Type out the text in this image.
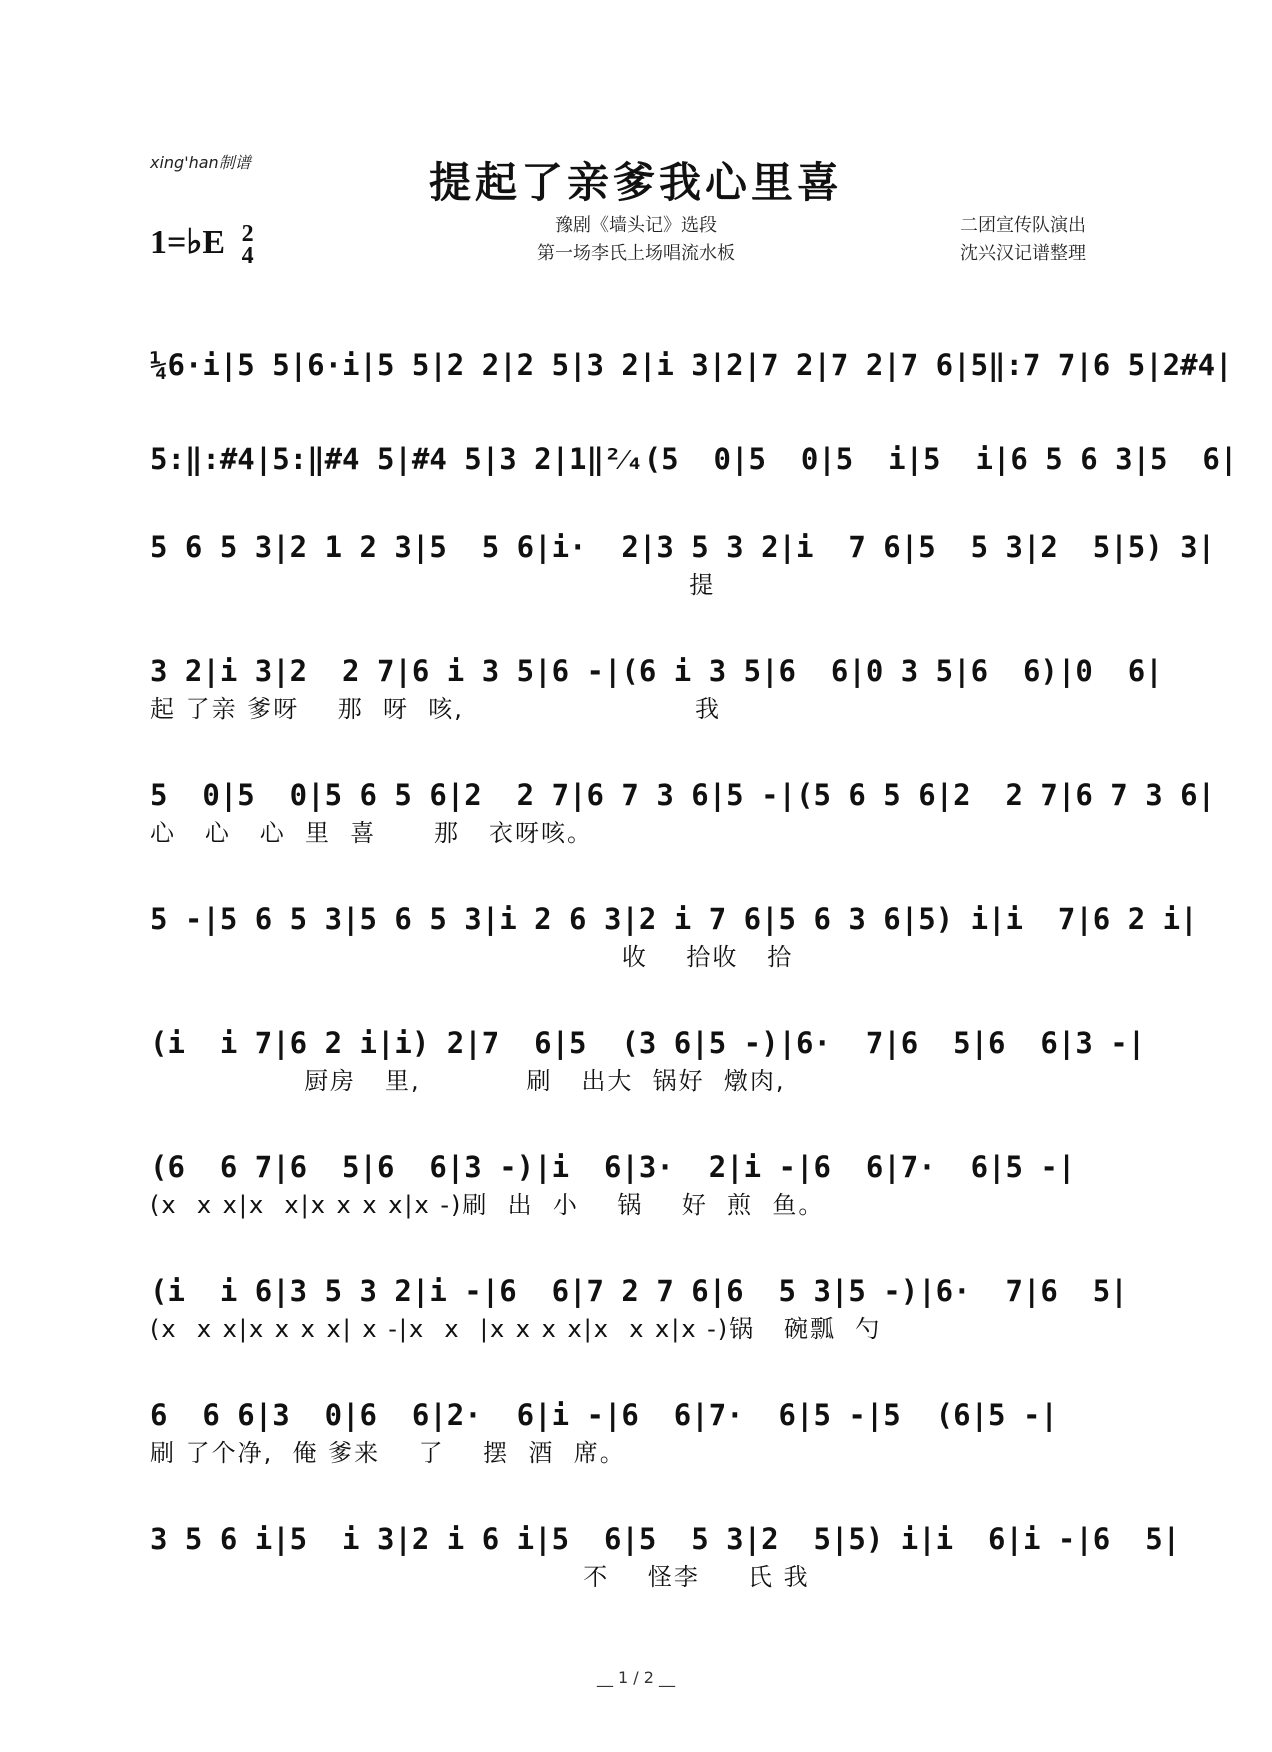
xing'han制谱	提起了亲爹我心里喜
1=♭E 2
4
豫剧《墙头记》选段
第一场李氏上场唱流水板
二团宣传队演出
沈兴汉记谱整理
¼6·i|5 5|6·i|5 5|2 2|2 5|3 2|i 3|2|7 2|7 2|7 6|5‖:7 7|6 5|2#4|
5:‖:#4|5:‖#4 5|#4 5|3 2|1‖²⁄₄(5  0|5  0|5  i|5  i|6 5 6 3|5  6|
5 6 5 3|2 1 2 3|5  5 6|i·  2|3 5 3 2|i  7 6|5  5 3|2  5|5) 3|
提
3 2|i 3|2  2 7|6 i 3 5|6 -|(6 i 3 5|6  6|0 3 5|6  6)|0  6|
起 了亲 爹呀    那  呀  咳,                        我
5  0|5  0|5 6 5 6|2  2 7|6 7 3 6|5 -|(5 6 5 6|2  2 7|6 7 3 6|
心   心   心  里  喜      那   衣呀咳。
5 -|5 6 5 3|5 6 5 3|i 2 6 3|2 i 7 6|5 6 3 6|5) i|i  7|6 2 i|
收    拾收   拾
(i  i 7|6 2 i|i) 2|7  6|5  (3 6|5 -)|6·  7|6  5|6  6|3 -|
厨房   里,           刷   出大  锅好  燉肉,
(6  6 7|6  5|6  6|3 -)|i  6|3·  2|i -|6  6|7·  6|5 -|
(x  x x|x  x|x x x x|x -)刷  出  小    锅    好  煎  鱼。
(i  i 6|3 5 3 2|i -|6  6|7 2 7 6|6  5 3|5 -)|6·  7|6  5|
(x  x x|x x x x| x -|x  x  |x x x x|x  x x|x -)锅   碗瓢  勺
6  6 6|3  0|6  6|2·  6|i -|6  6|7·  6|5 -|5  (6|5 -|
刷 了个净,  俺 爹来    了    摆  酒  席。
3 5 6 i|5  i 3|2 i 6 i|5  6|5  5 3|2  5|5) i|i  6|i -|6  5|
不    怪李     氏 我
__ 1 / 2 __
